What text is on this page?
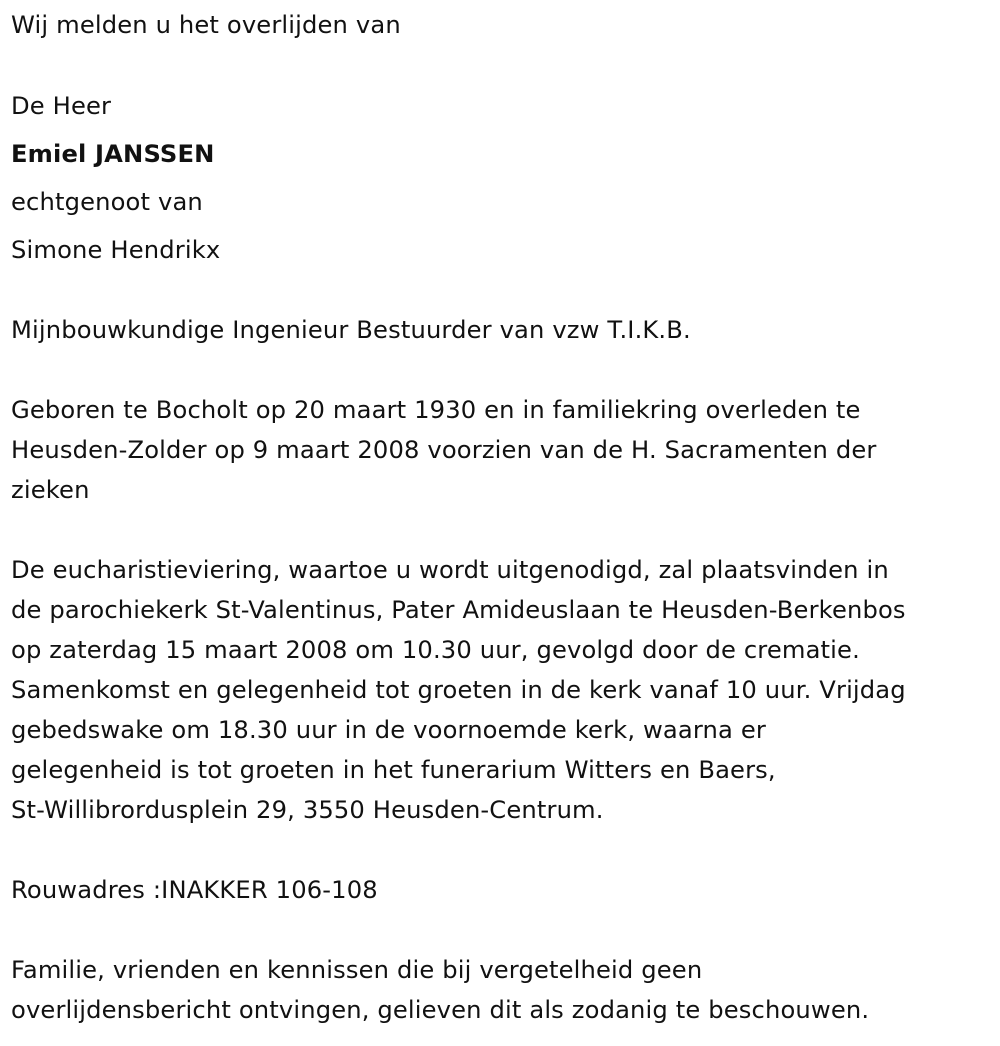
Wij melden u het overlijden van

De Heer

Emiel JANSSEN

echtgenoot van

Simone Hendrikx

Mijnbouwkundige Ingenieur Bestuurder van vzw T.I.K.B.

Geboren te Bocholt op 20 maart 1930 en in familiekring overleden te

Heusden-Zolder op 9 maart 2008 voorzien van de H. Sacramenten der

zieken

De eucharistieviering, waartoe u wordt uitgenodigd, zal plaatsvinden in

de parochiekerk St-Valentinus, Pater Amideuslaan te Heusden-Berkenbos

op zaterdag 15 maart 2008 om 10.30 uur, gevolgd door de crematie.

Samenkomst en gelegenheid tot groeten in de kerk vanaf 10 uur. Vrijdag

gebedswake om 18.30 uur in de voornoemde kerk, waarna er

gelegenheid is tot groeten in het funerarium Witters en Baers,

St-Willibrordusplein 29, 3550 Heusden-Centrum.

Rouwadres :INAKKER 106-108

Familie, vrienden en kennissen die bij vergetelheid geen

overlijdensbericht ontvingen, gelieven dit als zodanig te beschouwen.
